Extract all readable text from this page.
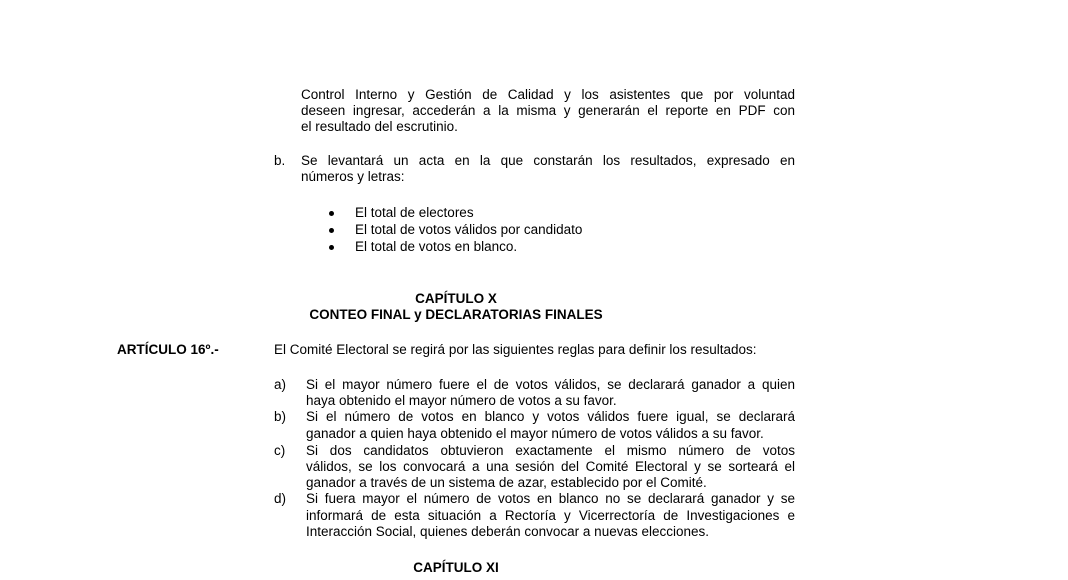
Control Interno y Gestión de Calidad y los asistentes que por voluntad
deseen ingresar, accederán a la misma y generarán el reporte en PDF con
el resultado del escrutinio.
b. Se levantará un acta en la que constarán los resultados, expresado en
números y letras:
El total de electores
El total de votos válidos por candidato
El total de votos en blanco.
CAPÍTULO X
CONTEO FINAL y DECLARATORIAS FINALES
ARTÍCULO 16º.-	El Comité Electoral se regirá por las siguientes reglas para definir los resultados:
a) Si el mayor número fuere el de votos válidos, se declarará ganador a quien
haya obtenido el mayor número de votos a su favor.
b) Si el número de votos en blanco y votos válidos fuere igual, se declarará
ganador a quien haya obtenido el mayor número de votos válidos a su favor.
c) Si dos candidatos obtuvieron exactamente el mismo número de votos
válidos, se los convocará a una sesión del Comité Electoral y se sorteará el
ganador a través de un sistema de azar, establecido por el Comité.
d) Si fuera mayor el número de votos en blanco no se declarará ganador y se
informará de esta situación a Rectoría y Vicerrectoría de Investigaciones e
Interacción Social, quienes deberán convocar a nuevas elecciones.
CAPÍTULO XI
